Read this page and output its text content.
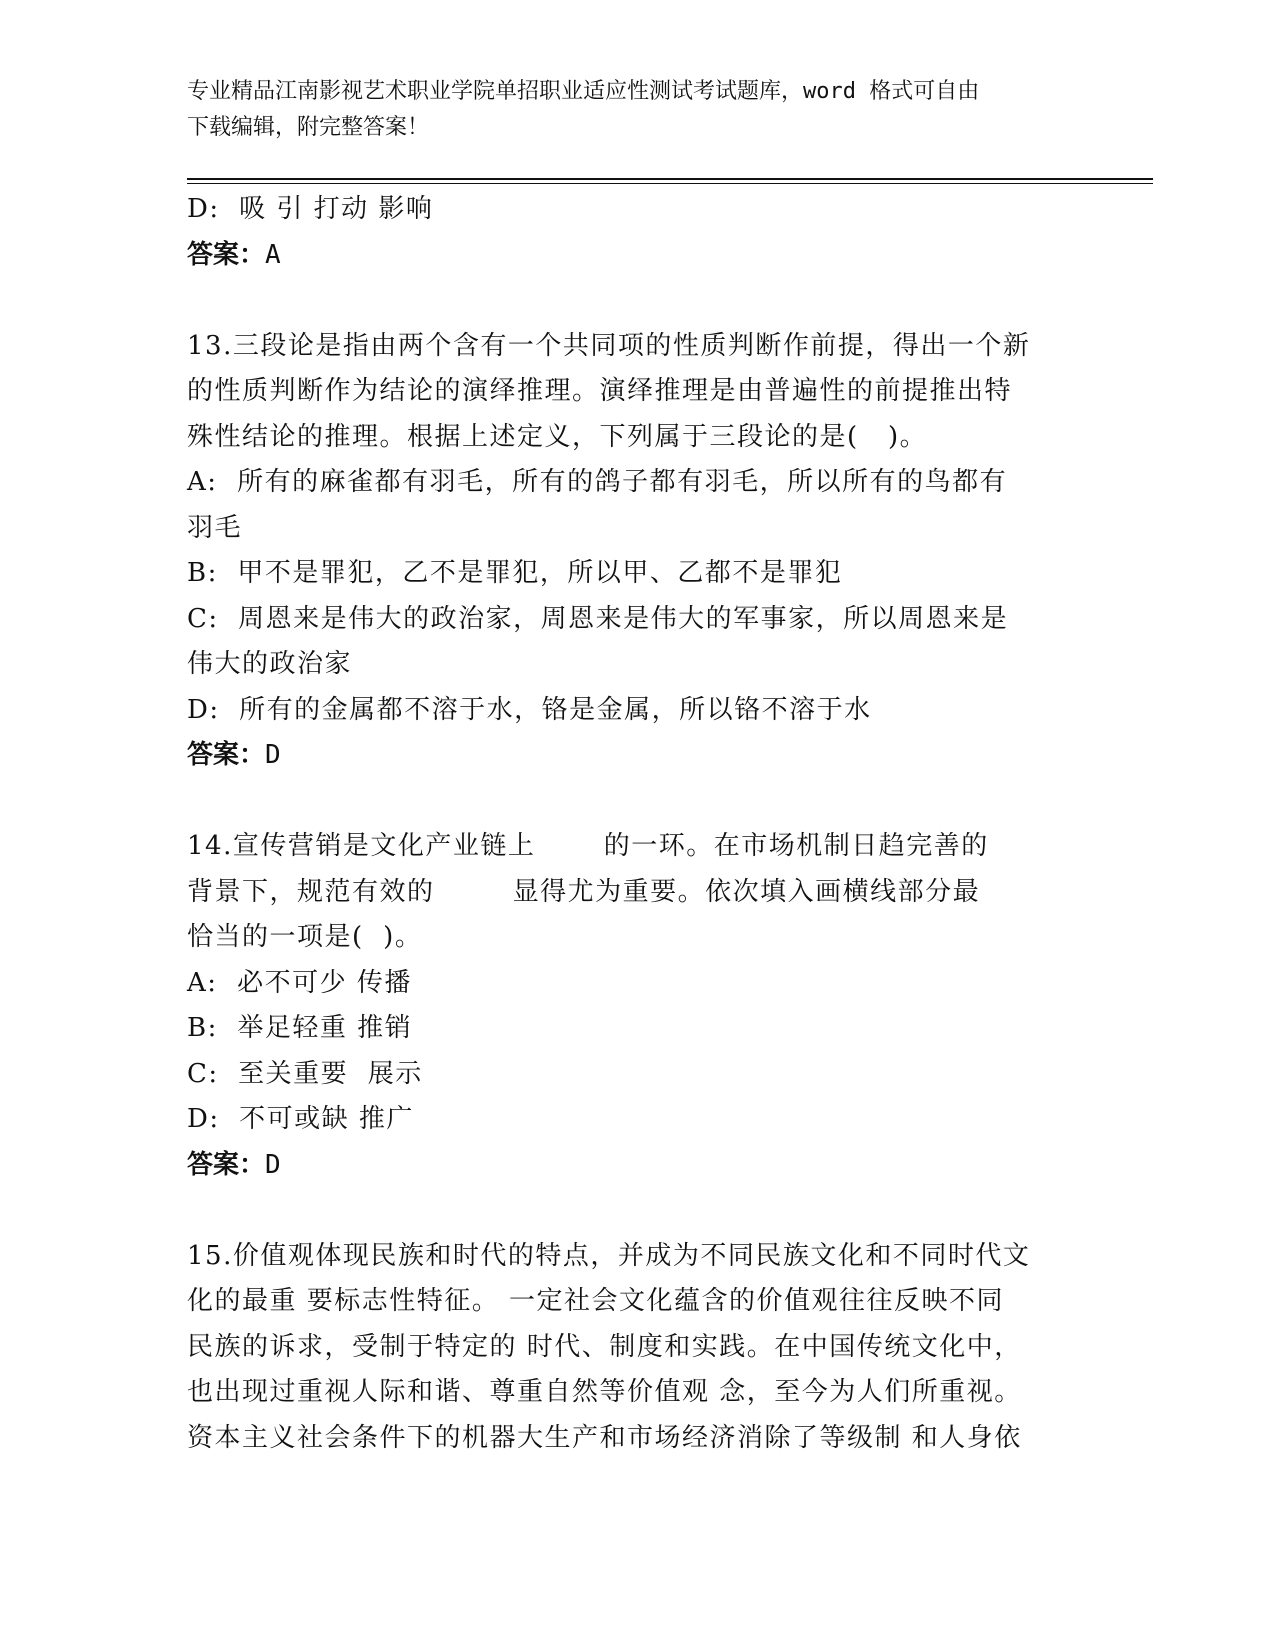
专业精品江南影视艺术职业学院单招职业适应性测试考试题库，word 格式可自由
下载编辑，附完整答案！

D:  吸 引 打动 影响

答案：A

13.三段论是指由两个含有一个共同项的性质判断作前提，得出一个新

的性质判断作为结论的演绎推理。演绎推理是由普遍性的前提推出特

殊性结论的推理。根据上述定义，下列属于三段论的是(   )。

A:  所有的麻雀都有羽毛，所有的鸽子都有羽毛，所以所有的鸟都有

羽毛

B:  甲不是罪犯，乙不是罪犯，所以甲、乙都不是罪犯

C:  周恩来是伟大的政治家，周恩来是伟大的军事家，所以周恩来是

伟大的政治家

D:  所有的金属都不溶于水，铬是金属，所以铬不溶于水

答案：D

14.宣传营销是文化产业链上       的一环。在市场机制日趋完善的

背景下，规范有效的        显得尤为重要。依次填入画横线部分最

恰当的一项是(  )。

A:  必不可少 传播

B:  举足轻重 推销

C:  至关重要  展示

D:  不可或缺 推广

答案：D

15.价值观体现民族和时代的特点，并成为不同民族文化和不同时代文

化的最重 要标志性特征。 一定社会文化蕴含的价值观往往反映不同

民族的诉求，受制于特定的 时代、制度和实践。在中国传统文化中，

也出现过重视人际和谐、尊重自然等价值观 念，至今为人们所重视。

资本主义社会条件下的机器大生产和市场经济消除了等级制 和人身依
